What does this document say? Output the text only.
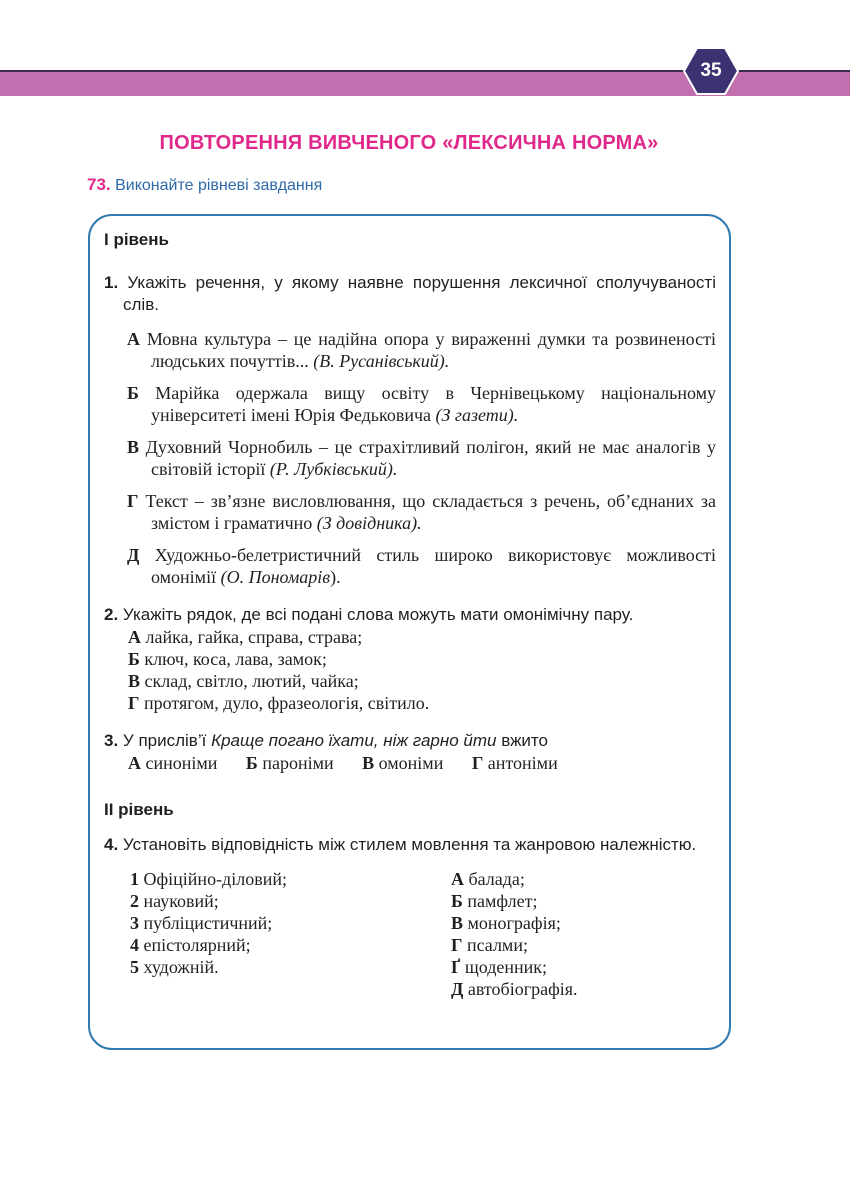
35
ПОВТОРЕННЯ ВИВЧЕНОГО «ЛЕКСИЧНА НОРМА»
73. Виконайте рівневі завдання

І рівень

1. Укажіть речення, у якому наявне порушення лексичної сполучуваності слів.

А Мовна культура – це надійна опора у вираженні думки та розвиненості людських почуттів... (В. Русанівський).

Б Марійка одержала вищу освіту в Чернівецькому національному університеті імені Юрія Федьковича (З газети).

В Духовний Чорнобиль – це страхітливий полігон, який не має аналогів у світовій історії (Р. Лубківський).

Г Текст – зв’язне висловлювання, що складається з речень, об’єднаних за змістом і граматично (З довідника).

Д Художньо-белетристичний стиль широко використовує можливості омонімії (О. Пономарів).

2. Укажіть рядок, де всі подані слова можуть мати омонімічну пару.

А лайка, гайка, справа, страва;

Б ключ, коса, лава, замок;

В склад, світло, лютий, чайка;

Г протягом, дуло, фразеологія, світило.

3. У прислів’ї Краще погано їхати, ніж гарно йти вжито

А синоніми Б пароніми В омоніми Г антоніми

ІІ рівень

4. Установіть відповідність між стилем мовлення та жанровою належністю.

1 Офіційно-діловий;
2 науковий;
3 публіцистичний;
4 епістолярний;
5 художній.
А балада;
Б памфлет;
В монографія;
Г псалми;
Ґ щоденник;
Д автобіографія.
